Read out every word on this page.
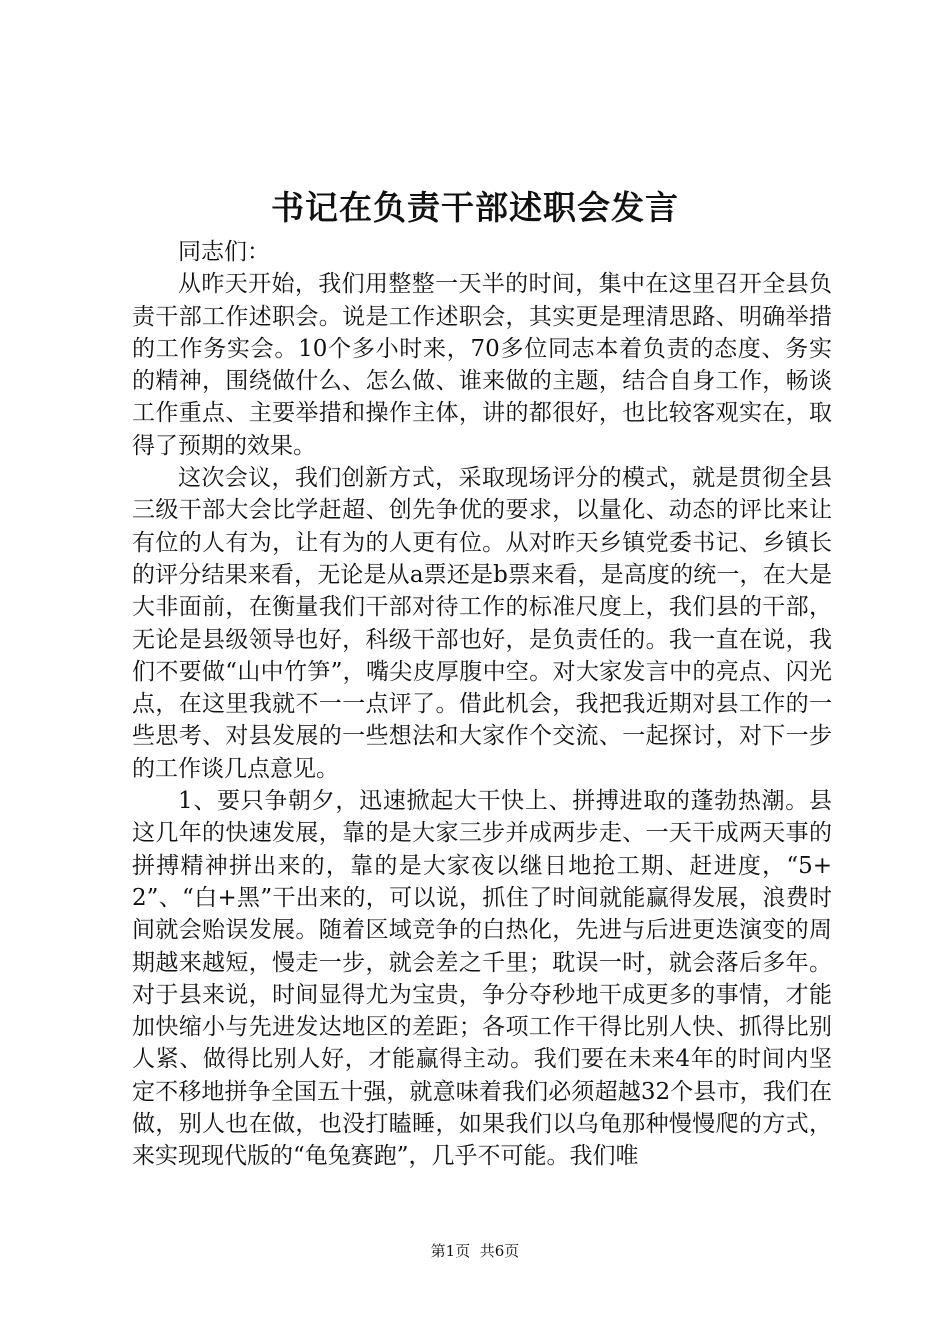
书记在负责干部述职会发言

同志们：

从昨天开始，我们用整整一天半的时间，集中在这里召开全县负责干部工作述职会。说是工作述职会，其实更是理清思路、明确举措的工作务实会。10个多小时来，70多位同志本着负责的态度、务实的精神，围绕做什么、怎么做、谁来做的主题，结合自身工作，畅谈工作重点、主要举措和操作主体，讲的都很好，也比较客观实在，取得了预期的效果。

这次会议，我们创新方式，采取现场评分的模式，就是贯彻全县三级干部大会比学赶超、创先争优的要求，以量化、动态的评比来让有位的人有为，让有为的人更有位。从对昨天乡镇党委书记、乡镇长的评分结果来看，无论是从a票还是b票来看，是高度的统一，在大是大非面前，在衡量我们干部对待工作的标准尺度上，我们县的干部，无论是县级领导也好，科级干部也好，是负责任的。我一直在说，我们不要做“山中竹笋”，嘴尖皮厚腹中空。对大家发言中的亮点、闪光点，在这里我就不一一点评了。借此机会，我把我近期对县工作的一些思考、对县发展的一些想法和大家作个交流、一起探讨，对下一步的工作谈几点意见。

1、要只争朝夕，迅速掀起大干快上、拼搏进取的蓬勃热潮。县这几年的快速发展，靠的是大家三步并成两步走、一天干成两天事的拼搏精神拼出来的，靠的是大家夜以继日地抢工期、赶进度，“5+2”、“白+黑”干出来的，可以说，抓住了时间就能赢得发展，浪费时间就会贻误发展。随着区域竞争的白热化，先进与后进更迭演变的周期越来越短，慢走一步，就会差之千里；耽误一时，就会落后多年。对于县来说，时间显得尤为宝贵，争分夺秒地干成更多的事情，才能加快缩小与先进发达地区的差距；各项工作干得比别人快、抓得比别人紧、做得比别人好，才能赢得主动。我们要在未来4年的时间内坚定不移地拼争全国五十强，就意味着我们必须超越32个县市，我们在做，别人也在做，也没打瞌睡，如果我们以乌龟那种慢慢爬的方式，来实现现代版的“龟兔赛跑”，几乎不可能。我们唯

第1页 共6页
